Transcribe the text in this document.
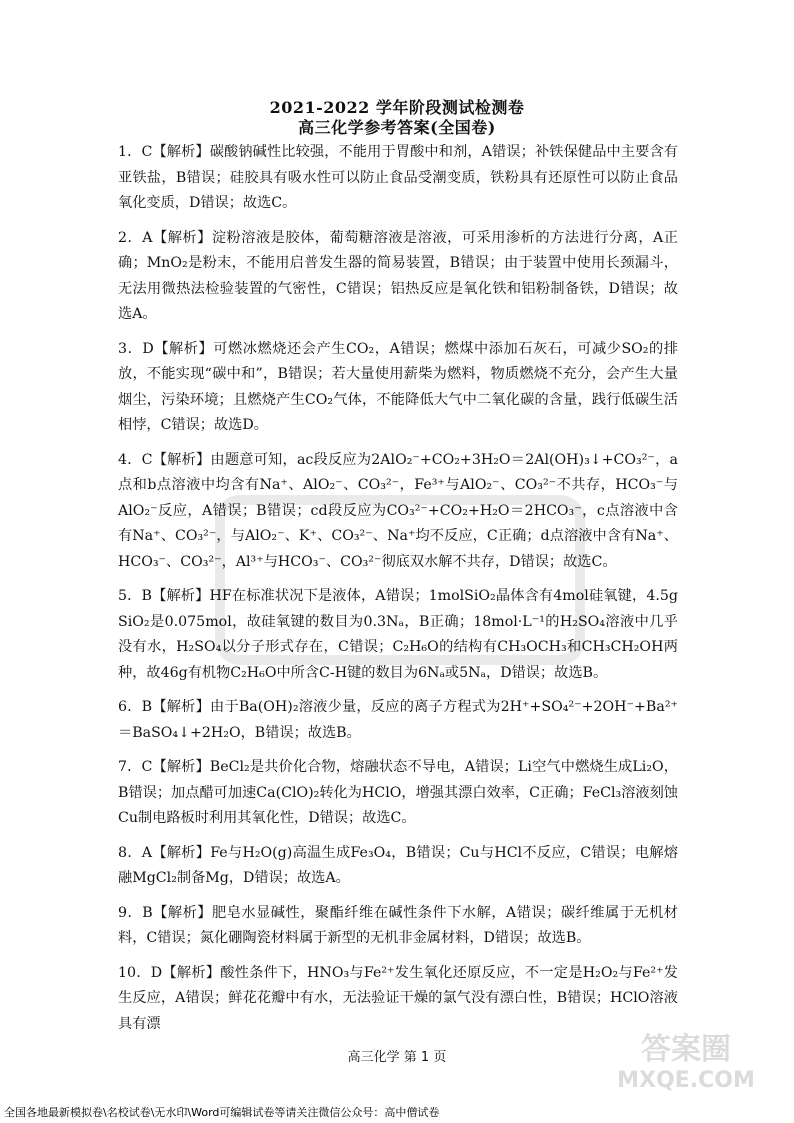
2021-2022 学年阶段测试检测卷
高三化学参考答案(全国卷)

1．C【解析】碳酸钠碱性比较强，不能用于胃酸中和剂，A错误；补铁保健品中主要含有亚铁盐，B错误；硅胶具有吸水性可以防止食品受潮变质，铁粉具有还原性可以防止食品氧化变质，D错误；故选C。

2．A【解析】淀粉溶液是胶体，葡萄糖溶液是溶液，可采用渗析的方法进行分离，A正确；MnO₂是粉末，不能用启普发生器的简易装置，B错误；由于装置中使用长颈漏斗，无法用微热法检验装置的气密性，C错误；铝热反应是氧化铁和铝粉制备铁，D错误；故选A。

3．D【解析】可燃冰燃烧还会产生CO₂，A错误；燃煤中添加石灰石，可减少SO₂的排放，不能实现“碳中和”，B错误；若大量使用薪柴为燃料，物质燃烧不充分，会产生大量烟尘，污染环境；且燃烧产生CO₂气体，不能降低大气中二氧化碳的含量，践行低碳生活相悖，C错误；故选D。

4．C【解析】由题意可知，ac段反应为2AlO₂⁻+CO₂+3H₂O＝2Al(OH)₃↓+CO₃²⁻，a点和b点溶液中均含有Na⁺、AlO₂⁻、CO₃²⁻，Fe³⁺与AlO₂⁻、CO₃²⁻不共存，HCO₃⁻与AlO₂⁻反应，A错误；B错误；cd段反应为CO₃²⁻+CO₂+H₂O＝2HCO₃⁻，c点溶液中含有Na⁺、CO₃²⁻，与AlO₂⁻、K⁺、CO₃²⁻、Na⁺均不反应，C正确；d点溶液中含有Na⁺、HCO₃⁻、CO₃²⁻，Al³⁺与HCO₃⁻、CO₃²⁻彻底双水解不共存，D错误；故选C。

5．B【解析】HF在标准状况下是液体，A错误；1molSiO₂晶体含有4mol硅氧键，4.5g SiO₂是0.075mol，故硅氧键的数目为0.3Nₐ，B正确；18mol·L⁻¹的H₂SO₄溶液中几乎没有水，H₂SO₄以分子形式存在，C错误；C₂H₆O的结构有CH₃OCH₃和CH₃CH₂OH两种，故46g有机物C₂H₆O中所含C-H键的数目为6Nₐ或5Nₐ，D错误；故选B。

6．B【解析】由于Ba(OH)₂溶液少量，反应的离子方程式为2H⁺+SO₄²⁻+2OH⁻+Ba²⁺＝BaSO₄↓+2H₂O，B错误；故选B。

7．C【解析】BeCl₂是共价化合物，熔融状态不导电，A错误；Li空气中燃烧生成Li₂O，B错误；加点醋可加速Ca(ClO)₂转化为HClO，增强其漂白效率，C正确；FeCl₃溶液刻蚀Cu制电路板时利用其氧化性，D错误；故选C。

8．A【解析】Fe与H₂O(g)高温生成Fe₃O₄，B错误；Cu与HCl不反应，C错误；电解熔融MgCl₂制备Mg，D错误；故选A。

9．B【解析】肥皂水显碱性，聚酯纤维在碱性条件下水解，A错误；碳纤维属于无机材料，C错误；氮化硼陶瓷材料属于新型的无机非金属材料，D错误；故选B。

10．D【解析】酸性条件下，HNO₃与Fe²⁺发生氧化还原反应，不一定是H₂O₂与Fe²⁺发生反应，A错误；鲜花花瓣中有水，无法验证干燥的氯气没有漂白性，B错误；HClO溶液具有漂

高三化学 第 1 页	答案圈
MXQE.COM
全国各地最新模拟卷\名校试卷\无水印\Word可编辑试卷等请关注微信公众号：高中僧试卷
